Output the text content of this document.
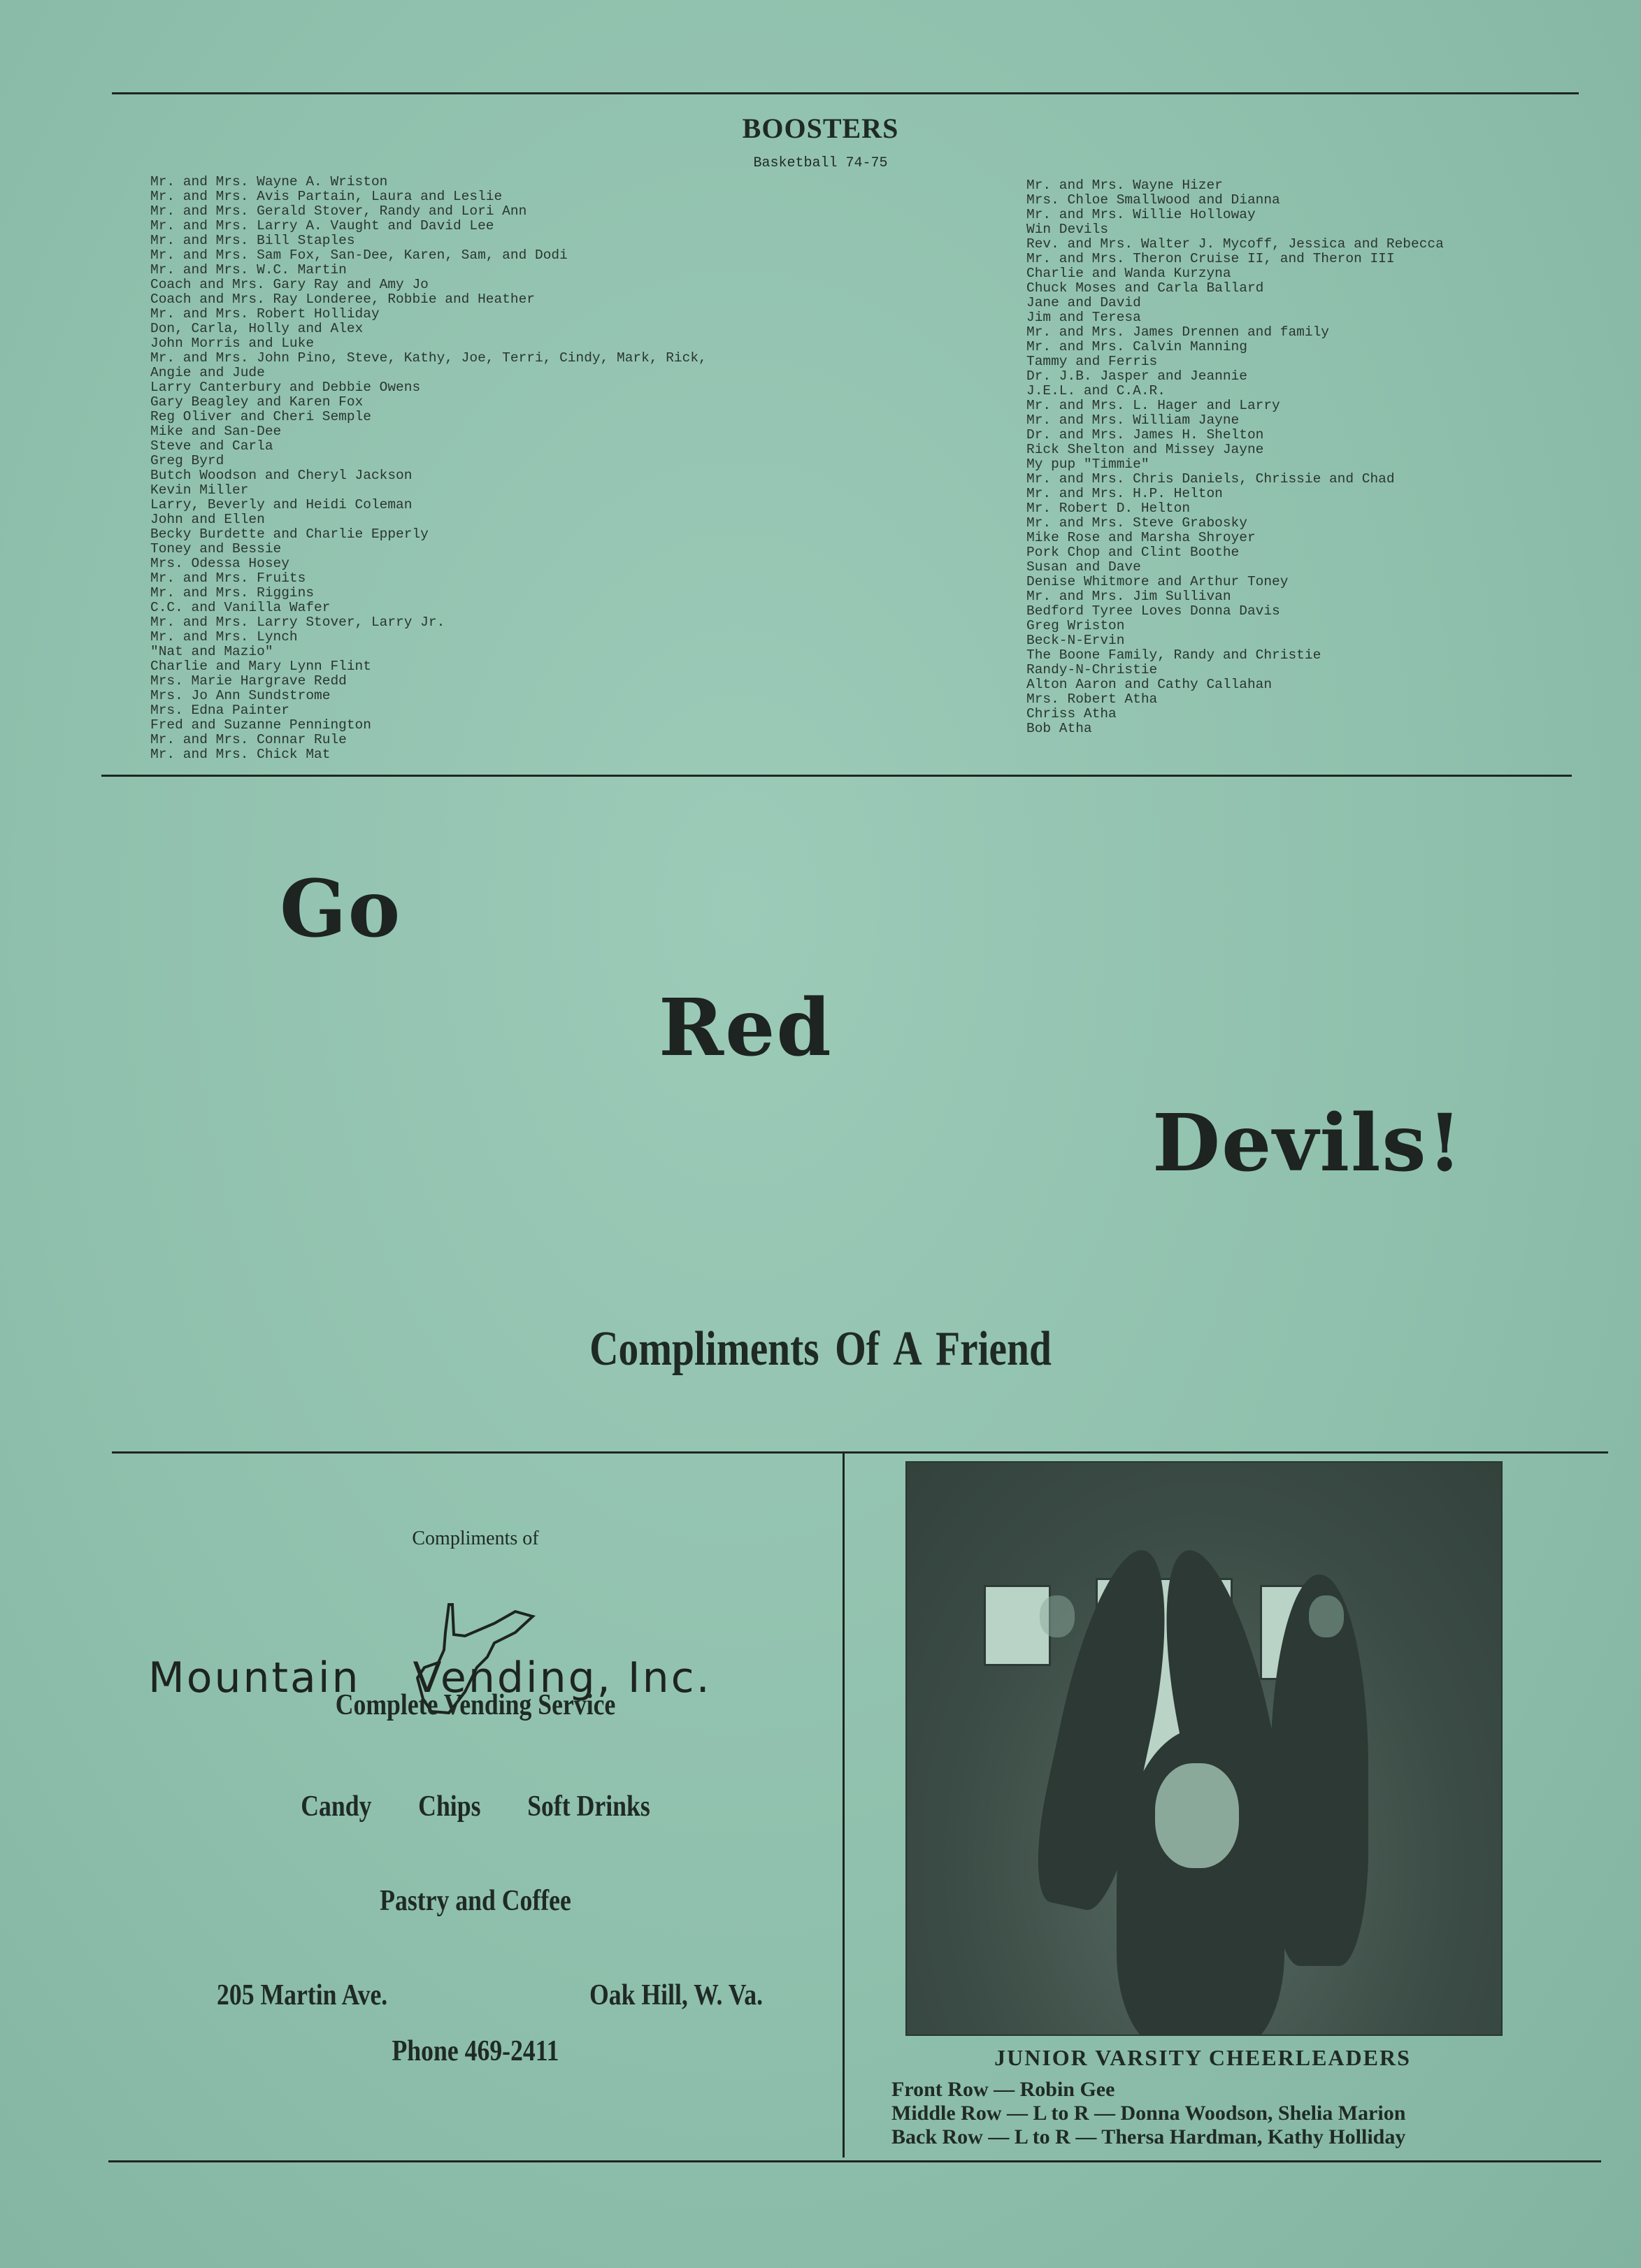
BOOSTERS
Basketball 74-75
Mr. and Mrs. Wayne A. Wriston
Mr. and Mrs. Avis Partain, Laura and Leslie
Mr. and Mrs. Gerald Stover, Randy and Lori Ann
Mr. and Mrs. Larry A. Vaught and David Lee
Mr. and Mrs. Bill Staples
Mr. and Mrs. Sam Fox, San-Dee, Karen, Sam, and Dodi
Mr. and Mrs. W.C. Martin
Coach and Mrs. Gary Ray and Amy Jo
Coach and Mrs. Ray Londeree, Robbie and Heather
Mr. and Mrs. Robert Holliday
Don, Carla, Holly and Alex
John Morris and Luke
Mr. and Mrs. John Pino, Steve, Kathy, Joe, Terri, Cindy, Mark, Rick,
Angie and Jude
Larry Canterbury and Debbie Owens
Gary Beagley and Karen Fox
Reg Oliver and Cheri Semple
Mike and San-Dee
Steve and Carla
Greg Byrd
Butch Woodson and Cheryl Jackson
Kevin Miller
Larry, Beverly and Heidi Coleman
John and Ellen
Becky Burdette and Charlie Epperly
Toney and Bessie
Mrs. Odessa Hosey
Mr. and Mrs. Fruits
Mr. and Mrs. Riggins
C.C. and Vanilla Wafer
Mr. and Mrs. Larry Stover, Larry Jr.
Mr. and Mrs. Lynch
"Nat and Mazio"
Charlie and Mary Lynn Flint
Mrs. Marie Hargrave Redd
Mrs. Jo Ann Sundstrome
Mrs. Edna Painter
Fred and Suzanne Pennington
Mr. and Mrs. Connar Rule
Mr. and Mrs. Chick Mat
Mr. and Mrs. Wayne Hizer
Mrs. Chloe Smallwood and Dianna
Mr. and Mrs. Willie Holloway
Win Devils
Rev. and Mrs. Walter J. Mycoff, Jessica and Rebecca
Mr. and Mrs. Theron Cruise II, and Theron III
Charlie and Wanda Kurzyna
Chuck Moses and Carla Ballard
Jane and David
Jim and Teresa
Mr. and Mrs. James Drennen and family
Mr. and Mrs. Calvin Manning
Tammy and Ferris
Dr. J.B. Jasper and Jeannie
J.E.L. and C.A.R.
Mr. and Mrs. L. Hager and Larry
Mr. and Mrs. William Jayne
Dr. and Mrs. James H. Shelton
Rick Shelton and Missey Jayne
My pup "Timmie"
Mr. and Mrs. Chris Daniels, Chrissie and Chad
Mr. and Mrs. H.P. Helton
Mr. Robert D. Helton
Mr. and Mrs. Steve Grabosky
Mike Rose and Marsha Shroyer
Pork Chop and Clint Boothe
Susan and Dave
Denise Whitmore and Arthur Toney
Mr. and Mrs. Jim Sullivan
Bedford Tyree Loves Donna Davis
Greg Wriston
Beck-N-Ervin
The Boone Family, Randy and Christie
Randy-N-Christie
Alton Aaron and Cathy Callahan
Mrs. Robert Atha
Chriss Atha
Bob Atha
Go
Red
Devils!
Compliments Of A Friend
Compliments of
Mountain Vending, Inc.
Complete Vending Service
Candy Chips Soft Drinks
Pastry and Coffee
205 Martin Ave.	Oak Hill, W. Va.
Phone 469-2411	JUNIOR VARSITY CHEERLEADERS
Front Row — Robin Gee
Middle Row — L to R — Donna Woodson, Shelia Marion
Back Row — L to R — Thersa Hardman, Kathy Holliday
